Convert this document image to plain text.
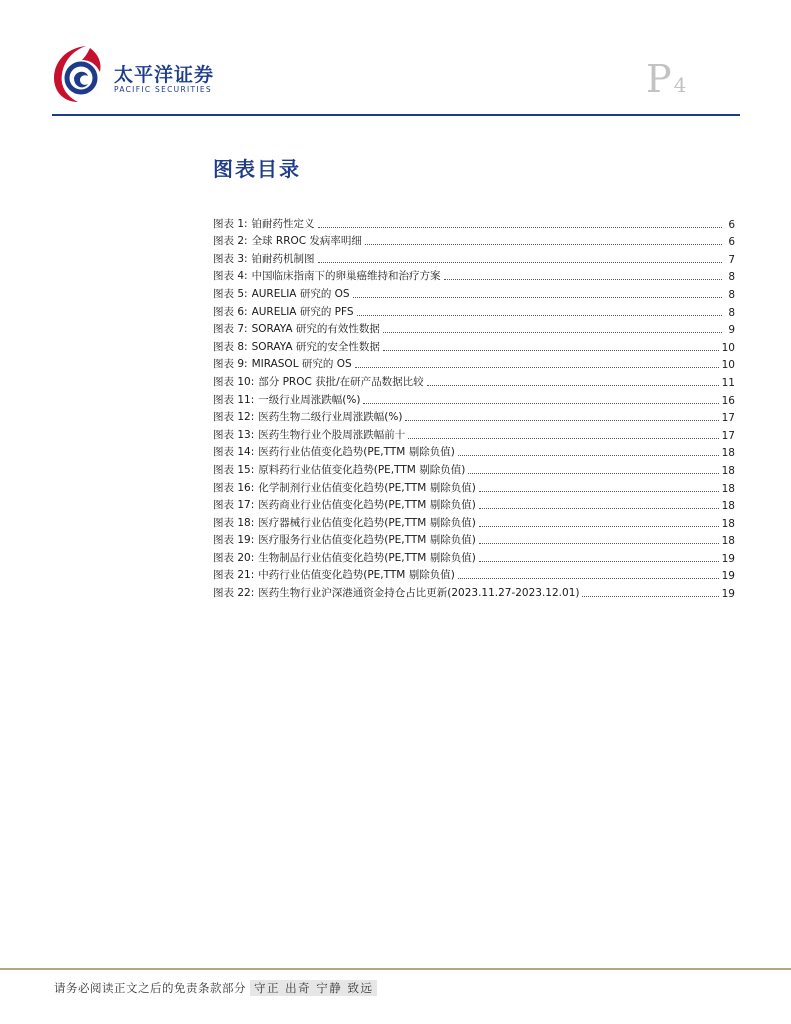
太平洋证券
PACIFIC SECURITIES	P 4
图表目录
图表 1: 铂耐药性定义	6
图表 2: 全球 RROC 发病率明细	6
图表 3: 铂耐药机制图	7
图表 4: 中国临床指南下的卵巢癌维持和治疗方案	8
图表 5: AURELIA 研究的 OS	8
图表 6: AURELIA 研究的 PFS	8
图表 7: SORAYA 研究的有效性数据	9
图表 8: SORAYA 研究的安全性数据	10
图表 9: MIRASOL 研究的 OS	10
图表 10: 部分 PROC 获批/在研产品数据比较	11
图表 11: 一级行业周涨跌幅(%)	16
图表 12: 医药生物二级行业周涨跌幅(%)	17
图表 13: 医药生物行业个股周涨跌幅前十	17
图表 14: 医药行业估值变化趋势(PE,TTM 剔除负值)	18
图表 15: 原料药行业估值变化趋势(PE,TTM 剔除负值)	18
图表 16: 化学制剂行业估值变化趋势(PE,TTM 剔除负值)	18
图表 17: 医药商业行业估值变化趋势(PE,TTM 剔除负值)	18
图表 18: 医疗器械行业估值变化趋势(PE,TTM 剔除负值)	18
图表 19: 医疗服务行业估值变化趋势(PE,TTM 剔除负值)	18
图表 20: 生物制品行业估值变化趋势(PE,TTM 剔除负值)	19
图表 21: 中药行业估值变化趋势(PE,TTM 剔除负值)	19
图表 22: 医药生物行业沪深港通资金持仓占比更新(2023.11.27-2023.12.01)	19
请务必阅读正文之后的免责条款部分 守正 出奇 宁静 致远
